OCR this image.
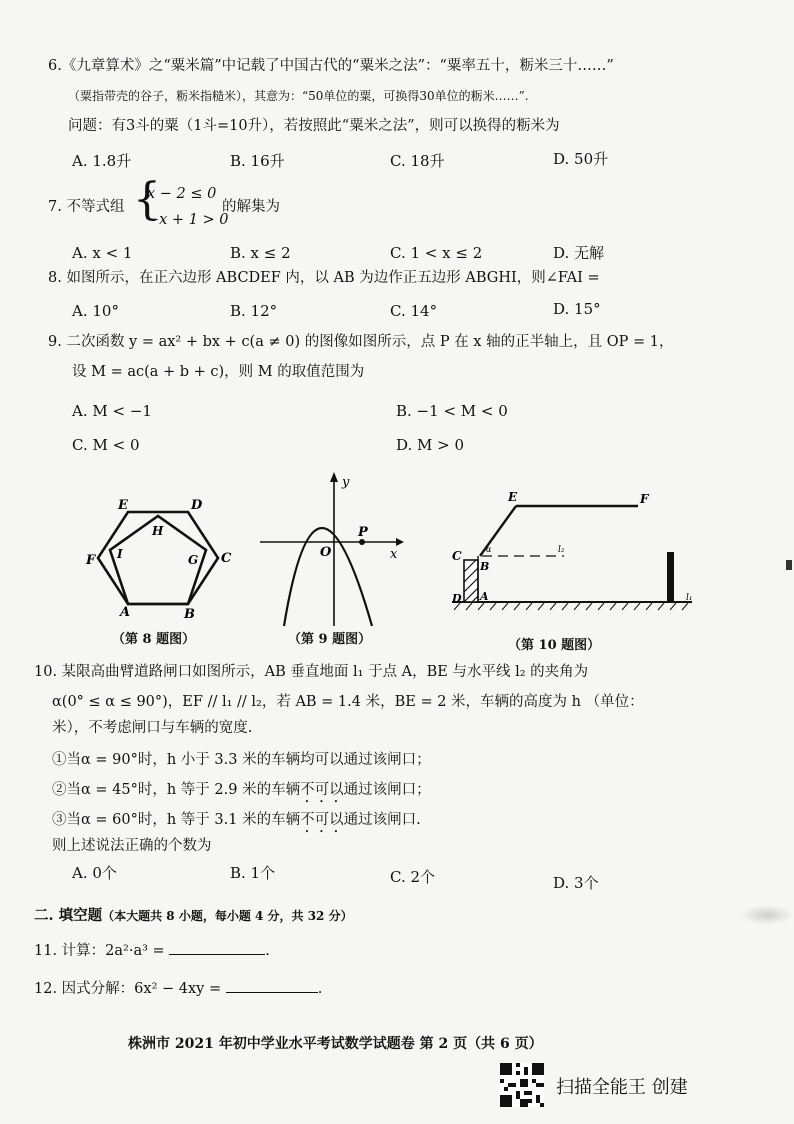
6.《九章算术》之“粟米篇”中记载了中国古代的“粟米之法”：“粟率五十，粝米三十……”
（粟指带壳的谷子，粝米指糙米），其意为：“50单位的粟，可换得30单位的粝米……”.
问题：有3斗的粟（1斗=10升），若按照此“粟米之法”，则可以换得的粝米为
A. 1.8升	B. 16升	C. 18升	D. 50升
7. 不等式组 {
x − 2 ≤ 0
−x + 1 > 0
的解集为
A. x < 1	B. x ≤ 2	C. 1 < x ≤ 2	D. 无解
8. 如图所示，在正六边形 ABCDEF 内，以 AB 为边作正五边形 ABGHI，则∠FAI =
A. 10°	B. 12°	C. 14°	D. 15°
9. 二次函数 y = ax² + bx + c(a ≠ 0) 的图像如图所示，点 P 在 x 轴的正半轴上，且 OP = 1，
设 M = ac(a + b + c)，则 M 的取值范围为
A. M < −1	B. −1 < M < 0
C. M < 0	D. M > 0
E	D
F	C
A	B
H
G
I
（第 8 题图）
y
x
O
P
（第 9 题图）
C
B
D A
E	F
α	l₂
l₁
（第 10 题图）
10. 某限高曲臂道路闸口如图所示，AB 垂直地面 l₁ 于点 A，BE 与水平线 l₂ 的夹角为
α(0° ≤ α ≤ 90°)，EF // l₁ // l₂，若 AB = 1.4 米，BE = 2 米，车辆的高度为 h （单位：
米），不考虑闸口与车辆的宽度.
①当α = 90°时，h 小于 3.3 米的车辆均可以通过该闸口；
②当α = 45°时，h 等于 2.9 米的车辆不可以通过该闸口；
③当α = 60°时，h 等于 3.1 米的车辆不可以通过该闸口.
则上述说法正确的个数为
A. 0个	B. 1个	C. 2个	D. 3个
二. 填空题（本大题共 8 小题，每小题 4 分，共 32 分）
11. 计算：2a²·a³ =	.
12. 因式分解：6x² − 4xy =	.
株洲市 2021 年初中学业水平考试数学试题卷 第 2 页（共 6 页）
扫描全能王 创建
